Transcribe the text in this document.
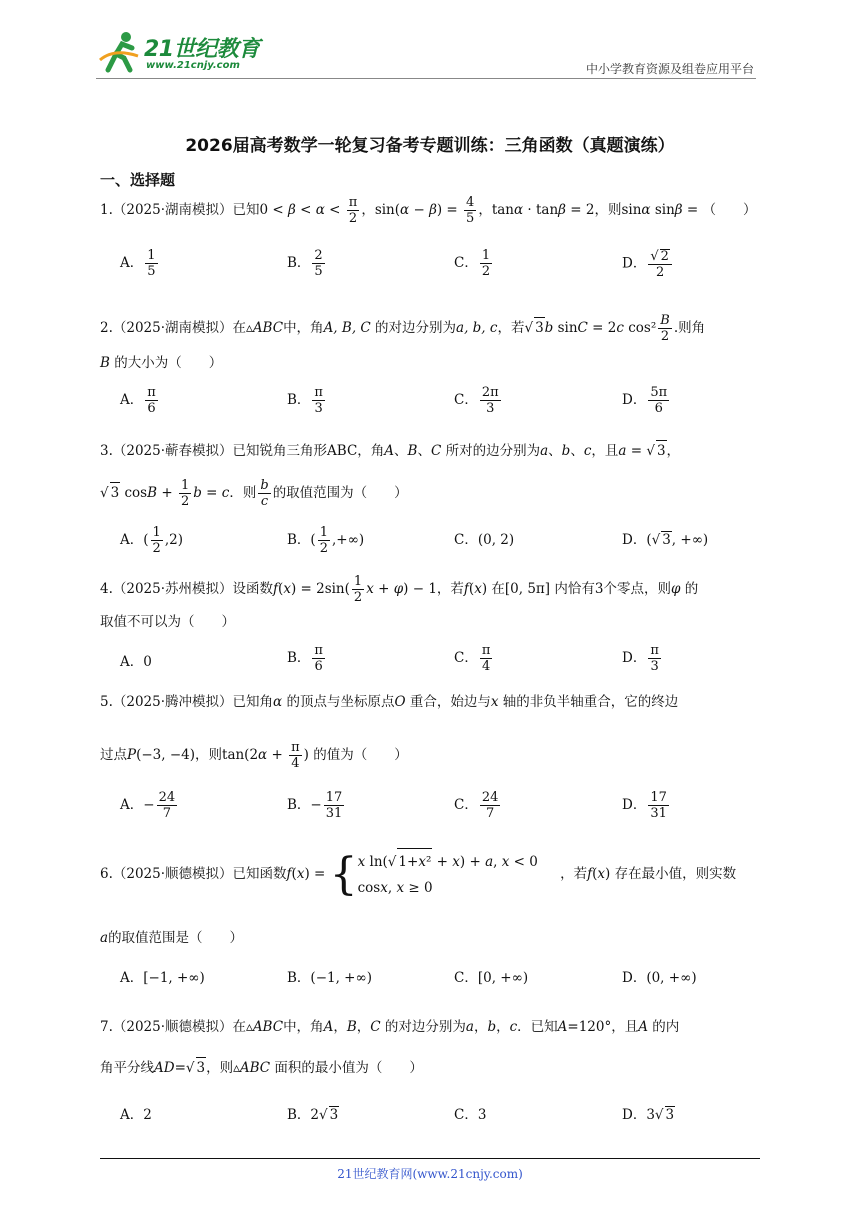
21世纪教育
www.21cnjy.com	中小学教育资源及组卷应用平台
2026届高考数学一轮复习备考专题训练：三角函数（真题演练）
一、选择题
1.（2025·湖南模拟）已知$0 < \beta < \alpha < \frac{\pi}{2}$ ，$\sin(\alpha - \beta) = \frac{4}{5}$ ，tanα · tanβ = 2，则sinα sinβ = （　　）
A． $\frac{1}{5}$	B． $\frac{2}{5}$	C． $\frac{1}{2}$	D． $\frac{√ 2}{2}$
2.（2025·湖南模拟）在▵ABC中，角A, B, C 的对边分别为a, b, c，若√ 3b sinC = 2c $\cos^2 \frac{B}{2}$ .则角
B 的大小为（　　）
A． $\frac{\pi}{6}$	B． $\frac{\pi}{3}$	C． $\frac{2\pi}{3}$	D． $\frac{5\pi}{6}$
3.（2025·蕲春模拟）已知锐角三角形ABC，角A、B、C 所对的边分别为a、b、c，且a = √ 3，
√ 3 $\cos B + \frac{1}{2}$ b = c．则 $\frac{b}{c}$ 的取值范围为（　　）
A．( $\frac{1}{2} ,2$)	B．( $\frac{1}{2}$ ,+∞)	C．(0, 2)	D．(√ 3, +∞)
4.（2025·苏州模拟）设函数$f(x) = 2\sin( \frac{1}{2}$ x + φ) − 1，若f(x) 在[0, 5π] 内恰有3个零点，则φ 的
取值不可以为（　　）
A．0	B． $\frac{\pi}{6}$	C． $\frac{\pi}{4}$	D． $\frac{\pi}{3}$
5.（2025·腾冲模拟）已知角α 的顶点与坐标原点O 重合，始边与x 轴的非负半轴重合，它的终边
过点P(−3, −4)，则$\tan(2\alpha + \frac{\pi}{4}$ ) 的值为（　　）
A．− $\frac{24}{7}$	B．− $\frac{17}{31}$	C． $\frac{24}{7}$	D． $\frac{17}{31}$
6.（2025·顺德模拟）已知函数f(x) = { x ln(√ 1+x² + x) + a, x < 0
cosx, x ≥ 0
，若f(x) 存在最小值，则实数
a的取值范围是（　　）
A．[−1, +∞)	B．(−1, +∞)	C．[0, +∞)	D．(0, +∞)
7.（2025·顺德模拟）在▵ABC中，角A，B，C 的对边分别为a，b，c．已知A=120°，且A 的内
角平分线AD=√ 3，则▵ABC 面积的最小值为（　　）
A．2	B．2√ 3	C．3	D．3√ 3
21世纪教育网(www.21cnjy.com)
